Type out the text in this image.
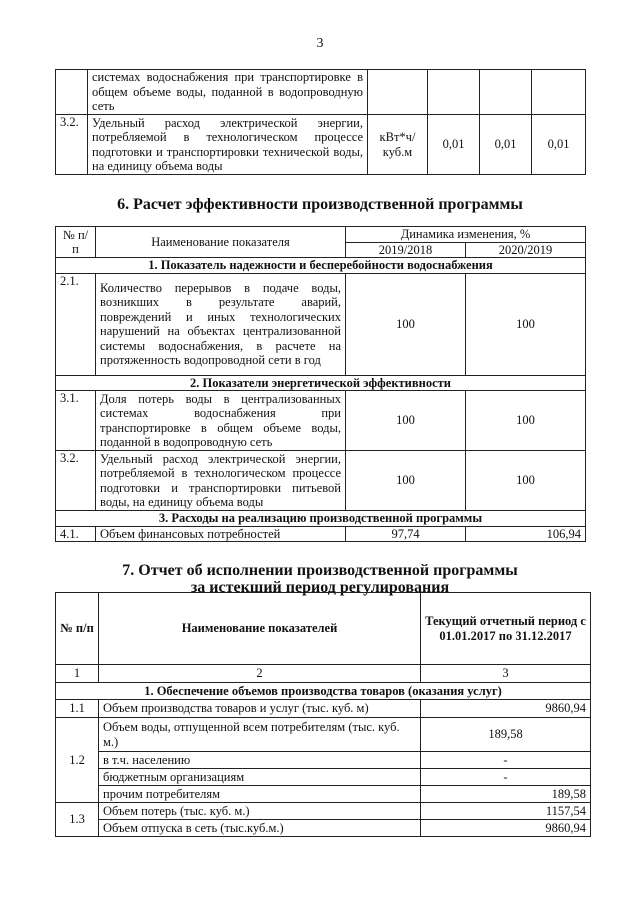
3
	системах водоснабжения при транспортировке в общем объеме воды, поданной в водопроводную сеть				
3.2.	Удельный расход электрической энергии, потребляемой в технологическом процессе подготовки и транспортировки технической воды, на единицу объема воды	кВт*ч/куб.м	0,01	0,01	0,01
6. Расчет эффективности производственной программы
№ п/п	Наименование показателя	Динамика изменения, %	
		2019/2018	2020/2019
1. Показатель надежности и бесперебойности водоснабжения			
2.1.	Количество перерывов в подаче воды, возникших в результате аварий, повреждений и иных технологических нарушений на объектах централизованной системы водоснабжения, в расчете на протяженность водопроводной сети в год	100	100
2. Показатели энергетической эффективности			
3.1.	Доля потерь воды в централизованных системах водоснабжения при транспортировке в общем объеме воды, поданной в водопроводную сеть	100	100
3.2.	Удельный расход электрической энергии, потребляемой в технологическом процессе подготовки и транспортировки питьевой воды, на единицу объема воды	100	100
3. Расходы на реализацию производственной программы			
4.1.	Объем финансовых потребностей	97,74	106,94
7. Отчет об исполнении производственной программы
за истекший период регулирования
№ п/п	Наименование показателей	Текущий отчетный период с 01.01.2017 по 31.12.2017
1	2	3
1. Обеспечение объемов производства товаров (оказания услуг)		
1.1	Объем производства товаров и услуг (тыс. куб. м)	9860,94
1.2	Объем воды, отпущенной всем потребителям (тыс. куб. м.)	189,58
	в т.ч. населению	-
	бюджетным организациям	-
	прочим потребителям	189,58
1.3	Объем потерь (тыс. куб. м.)	1157,54
	Объем отпуска в сеть (тыс.куб.м.)	9860,94
